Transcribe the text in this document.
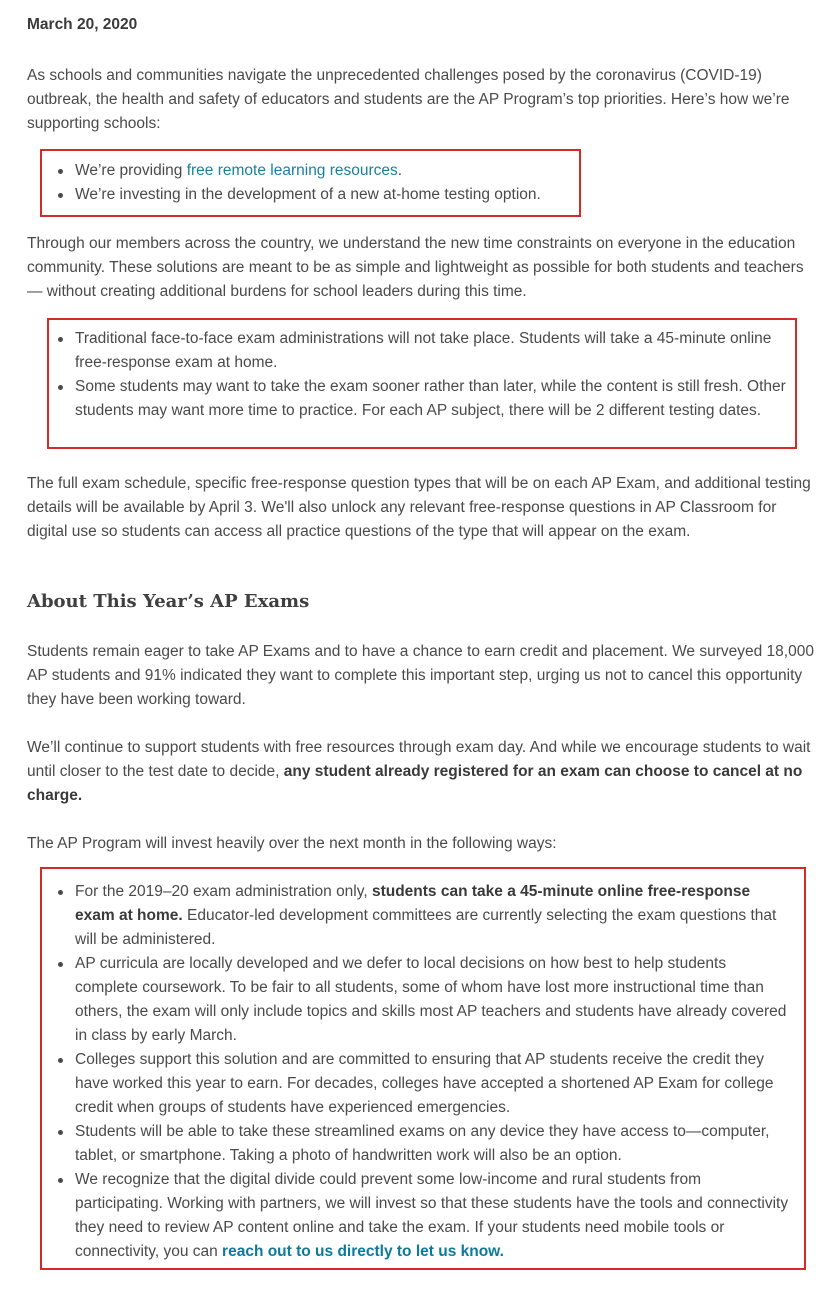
March 20, 2020

As schools and communities navigate the unprecedented challenges posed by the coronavirus (COVID-19) outbreak, the health and safety of educators and students are the AP Program’s top priorities. Here’s how we’re supporting schools:

We’re providing free remote learning resources.
We’re investing in the development of a new at-home testing option.

Through our members across the country, we understand the new time constraints on everyone in the education community. These solutions are meant to be as simple and lightweight as possible for both students and teachers — without creating additional burdens for school leaders during this time.

Traditional face-to-face exam administrations will not take place. Students will take a 45-minute online free-response exam at home.
Some students may want to take the exam sooner rather than later, while the content is still fresh. Other students may want more time to practice. For each AP subject, there will be 2 different testing dates.

The full exam schedule, specific free-response question types that will be on each AP Exam, and additional testing details will be available by April 3. We'll also unlock any relevant free-response questions in AP Classroom for digital use so students can access all practice questions of the type that will appear on the exam.

About This Year’s AP Exams

Students remain eager to take AP Exams and to have a chance to earn credit and placement. We surveyed 18,000 AP students and 91% indicated they want to complete this important step, urging us not to cancel this opportunity they have been working toward.

We’ll continue to support students with free resources through exam day. And while we encourage students to wait until closer to the test date to decide, any student already registered for an exam can choose to cancel at no charge.

The AP Program will invest heavily over the next month in the following ways:

For the 2019–20 exam administration only, students can take a 45-minute online free-response exam at home. Educator-led development committees are currently selecting the exam questions that will be administered.
AP curricula are locally developed and we defer to local decisions on how best to help students complete coursework. To be fair to all students, some of whom have lost more instructional time than others, the exam will only include topics and skills most AP teachers and students have already covered in class by early March.
Colleges support this solution and are committed to ensuring that AP students receive the credit they have worked this year to earn. For decades, colleges have accepted a shortened AP Exam for college credit when groups of students have experienced emergencies.
Students will be able to take these streamlined exams on any device they have access to—computer, tablet, or smartphone. Taking a photo of handwritten work will also be an option.
We recognize that the digital divide could prevent some low-income and rural students from participating. Working with partners, we will invest so that these students have the tools and connectivity they need to review AP content online and take the exam. If your students need mobile tools or connectivity, you can reach out to us directly to let us know.
